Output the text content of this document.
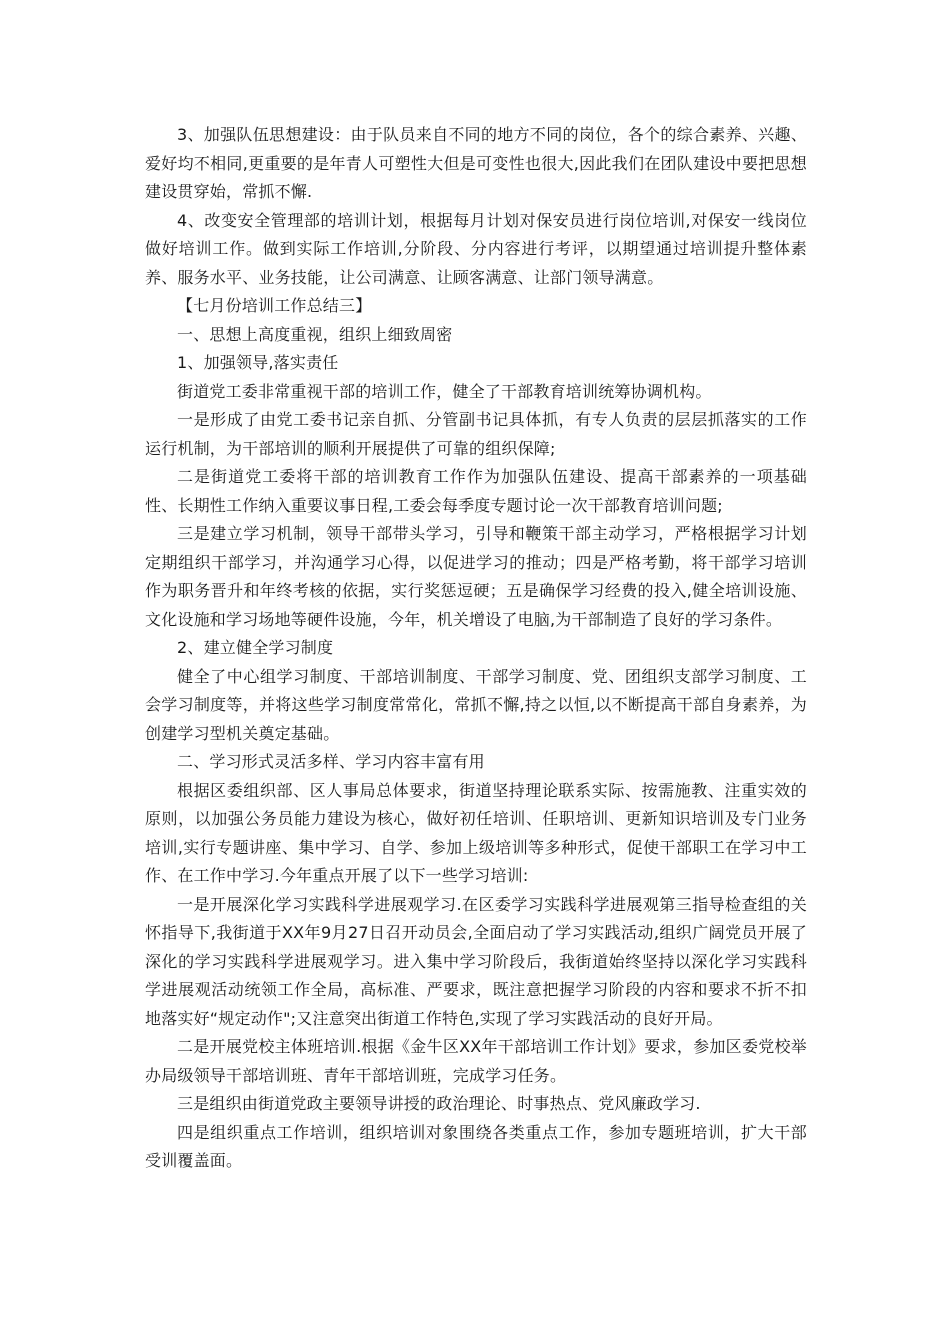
3、加强队伍思想建设：由于队员来自不同的地方不同的岗位，各个的综合素养、兴趣、爱好均不相同,更重要的是年青人可塑性大但是可变性也很大,因此我们在团队建设中要把思想建设贯穿始，常抓不懈.

4、改变安全管理部的培训计划，根据每月计划对保安员进行岗位培训,对保安一线岗位做好培训工作。做到实际工作培训,分阶段、分内容进行考评，以期望通过培训提升整体素养、服务水平、业务技能，让公司满意、让顾客满意、让部门领导满意。

【七月份培训工作总结三】

一、思想上高度重视，组织上细致周密

1、加强领导,落实责任

街道党工委非常重视干部的培训工作，健全了干部教育培训统筹协调机构。

一是形成了由党工委书记亲自抓、分管副书记具体抓，有专人负责的层层抓落实的工作运行机制，为干部培训的顺利开展提供了可靠的组织保障;

二是街道党工委将干部的培训教育工作作为加强队伍建设、提高干部素养的一项基础性、长期性工作纳入重要议事日程,工委会每季度专题讨论一次干部教育培训问题;

三是建立学习机制，领导干部带头学习，引导和鞭策干部主动学习，严格根据学习计划定期组织干部学习，并沟通学习心得，以促进学习的推动；四是严格考勤，将干部学习培训作为职务晋升和年终考核的依据，实行奖惩逗硬；五是确保学习经费的投入,健全培训设施、文化设施和学习场地等硬件设施，今年，机关增设了电脑,为干部制造了良好的学习条件。

2、建立健全学习制度

健全了中心组学习制度、干部培训制度、干部学习制度、党、团组织支部学习制度、工会学习制度等，并将这些学习制度常常化，常抓不懈,持之以恒,以不断提高干部自身素养，为创建学习型机关奠定基础。

二、学习形式灵活多样、学习内容丰富有用

根据区委组织部、区人事局总体要求，街道坚持理论联系实际、按需施教、注重实效的原则，以加强公务员能力建设为核心，做好初任培训、任职培训、更新知识培训及专门业务培训,实行专题讲座、集中学习、自学、参加上级培训等多种形式，促使干部职工在学习中工作、在工作中学习.今年重点开展了以下一些学习培训:

一是开展深化学习实践科学进展观学习.在区委学习实践科学进展观第三指导检查组的关怀指导下,我街道于XX年9月27日召开动员会,全面启动了学习实践活动,组织广阔党员开展了深化的学习实践科学进展观学习。进入集中学习阶段后，我街道始终坚持以深化学习实践科学进展观活动统领工作全局，高标准、严要求，既注意把握学习阶段的内容和要求不折不扣地落实好“规定动作";又注意突出街道工作特色,实现了学习实践活动的良好开局。

二是开展党校主体班培训.根据《金牛区XX年干部培训工作计划》要求，参加区委党校举办局级领导干部培训班、青年干部培训班，完成学习任务。

三是组织由街道党政主要领导讲授的政治理论、时事热点、党风廉政学习.

四是组织重点工作培训，组织培训对象围绕各类重点工作，参加专题班培训，扩大干部受训覆盖面。
